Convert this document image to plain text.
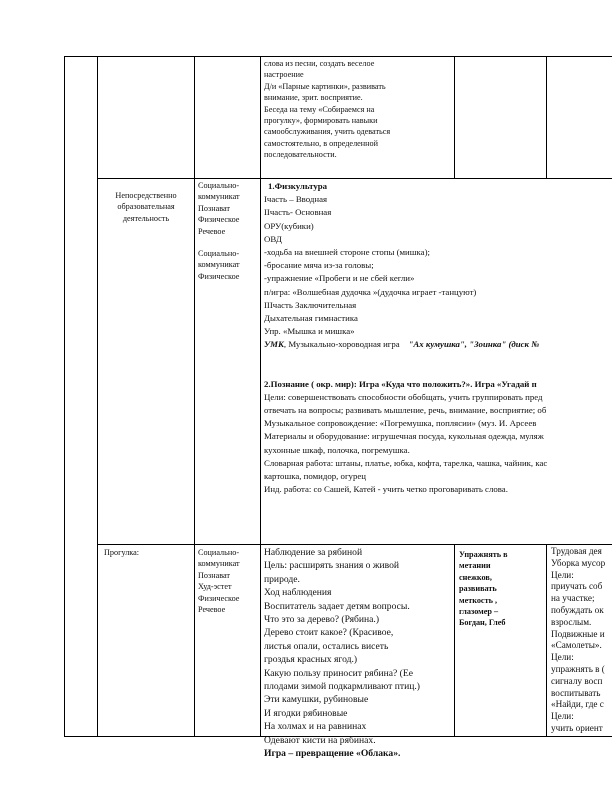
слова из песни, создать веселое
настроение
Д/и «Парные картинки», развивать
внимание, зрит. восприятие.
Беседа на тему «Собираемся на
прогулку», формировать навыки
самообслуживания, учить одеваться
самостоятельно, в определенной
последовательности.
Непосредственно образовательная деятельность
Социально-
коммуникат
Познават
Физическое
Речевое
Социально-
коммуникат
Физическое
1.Физкультура
Iчасть – Вводная
IIчасть- Основная
ОРУ(кубики)
ОВД
-ходьба на внешней стороне стопы (мишка);
-бросание мяча из-за головы;
-упражнение «Пробеги и не сбей кегли»
п/игра: «Волшебная дудочка »(дудочка играет -танцуют)
IIIчасть Заключительная
Дыхательная гимнастика
Упр. «Мышка и мишка»
УМК, Музыкально-хороводная игра "Ах кумушка", "Зоинка" (диск №
2.Познание ( окр. мир): Игра «Куда что положить?». Игра «Угадай п
Цели: совершенствовать способности обобщать, учить группировать пред
отвечать на вопросы; развивать мышление, речь, внимание, восприятие; об
Музыкальное сопровождение: «Погремушка, поплясии» (муз. И. Арсеев
Материалы и оборудование: игрушечная посуда, кукольная одежда, муляж
кухонные шкаф, полочка, погремушка.
Словарная работа: штаны, платье, юбка, кофта, тарелка, чашка, чайник, кас
картошка, помидор, огурец
Инд. работа: со Сашей, Катей - учить четко проговаривать слова.
Прогулка:	Социально-
коммуникат
Познават
Худ-эстет
Физическое
Речевое
Наблюдение за рябиной
Цель: расширять знания о живой
природе.
Ход наблюдения
Воспитатель задает детям вопросы.
Что это за дерево? (Рябина.)
Дерево стоит какое? (Красивое,
листья опали, остались висеть
гроздья красных ягод.)
Какую пользу приносит рябина? (Ее
плодами зимой подкармливают птиц.)
Эти камушки, рубиновые
И ягодки рябиновые
На холмах и на равнинах
Одевают кисти на рябинах.
Игра – превращение «Облака».
Упражнять в
метании
снежков,
развивать
меткость ,
глазомер –
Богдан, Глеб
Трудовая дея
Уборка мусор
Цели:
приучать соб
на участке;
побуждать ок
взрослым.
Подвижные и
«Самолеты».
Цели:
упражнять в (
сигналу восп
воспитывать
«Найди, где с
Цели:
учить ориент
